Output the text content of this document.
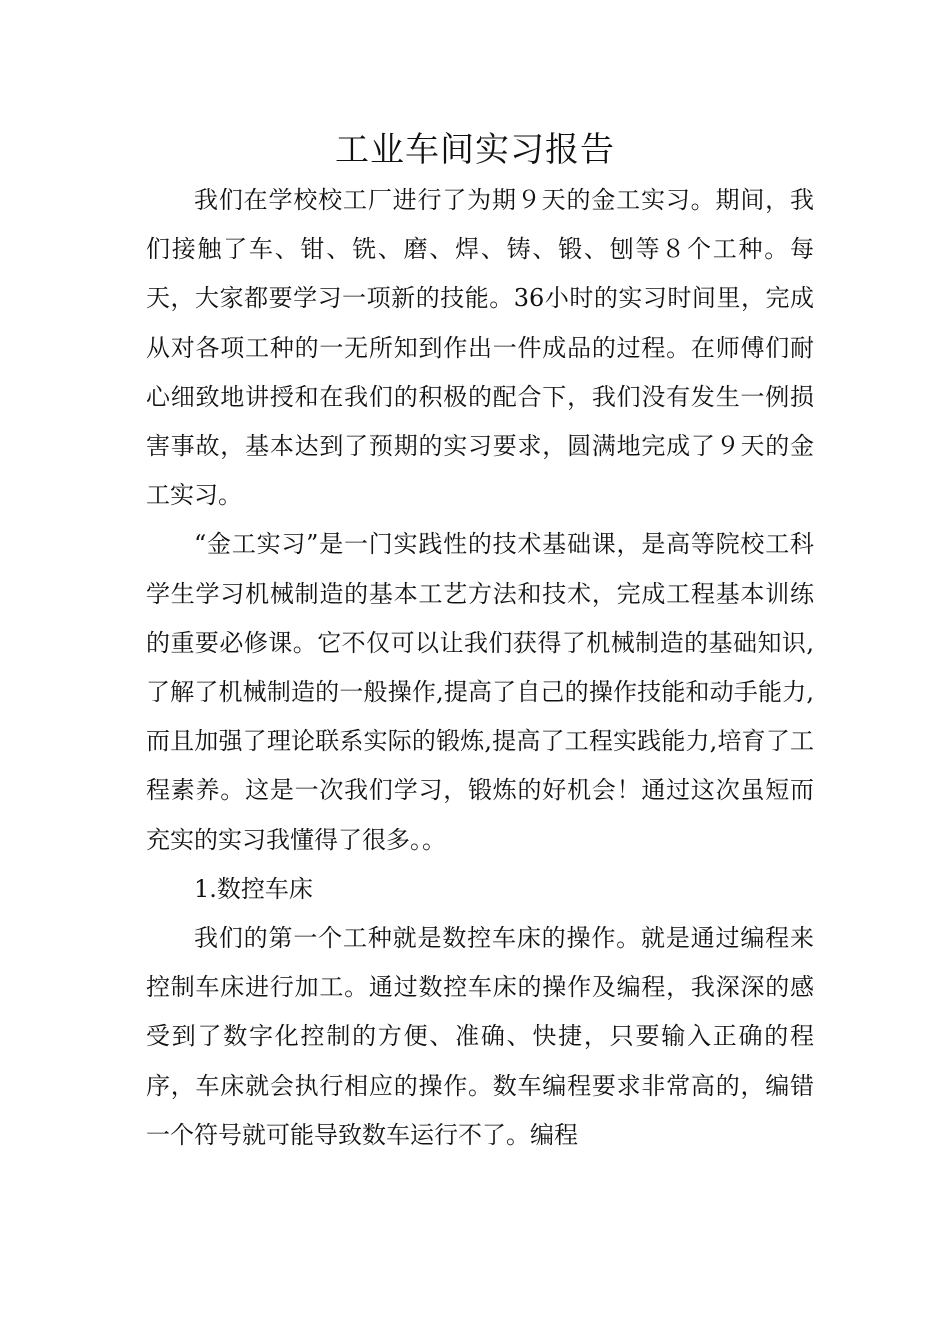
工业车间实习报告

我们在学校校工厂进行了为期９天的金工实习。期间，我们接触了车、钳、铣、磨、焊、铸、锻、刨等８个工种。每天，大家都要学习一项新的技能。36小时的实习时间里，完成从对各项工种的一无所知到作出一件成品的过程。在师傅们耐心细致地讲授和在我们的积极的配合下，我们没有发生一例损害事故，基本达到了预期的实习要求，圆满地完成了９天的金工实习。

“金工实习”是一门实践性的技术基础课，是高等院校工科学生学习机械制造的基本工艺方法和技术，完成工程基本训练的重要必修课。它不仅可以让我们获得了机械制造的基础知识,了解了机械制造的一般操作,提高了自己的操作技能和动手能力,而且加强了理论联系实际的锻炼,提高了工程实践能力,培育了工程素养。这是一次我们学习，锻炼的好机会！通过这次虽短而充实的实习我懂得了很多。。

1.数控车床

我们的第一个工种就是数控车床的操作。就是通过编程来控制车床进行加工。通过数控车床的操作及编程，我深深的感受到了数字化控制的方便、准确、快捷，只要输入正确的程序，车床就会执行相应的操作。数车编程要求非常高的，编错一个符号就可能导致数车运行不了。编程
